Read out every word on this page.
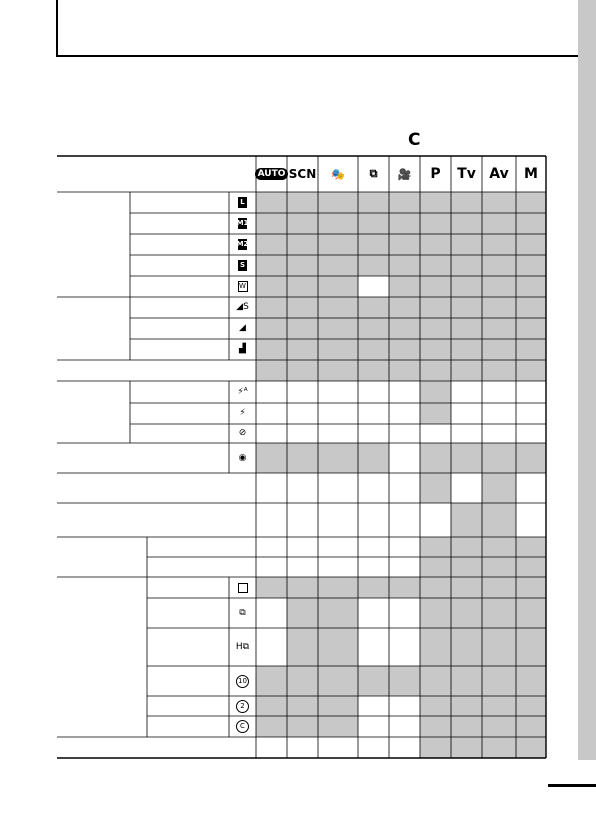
C
AUTO SCN 🎭 ⧉ 🎥 P Tv Av M
L
M1
M2
S
W
◢S
◢
▟
⚡ᴬ
⚡
⊘
◉
⧉
H⧉
10
2
C
